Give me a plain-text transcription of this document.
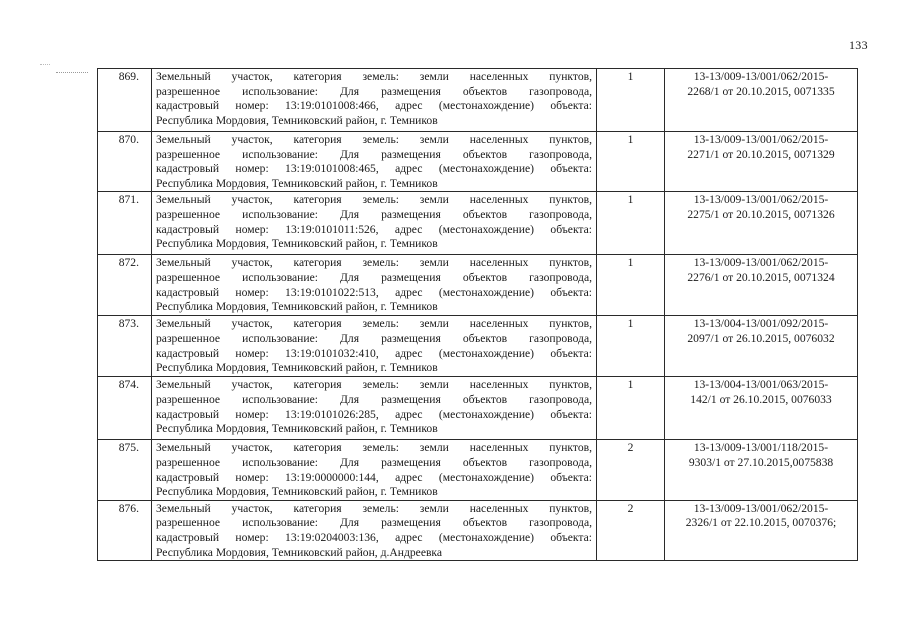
133
869.	Земельный участок, категория земель: земли населенных пунктов,
разрешенное использование: Для размещения объектов газопровода,
кадастровый номер: 13:19:0101008:466, адрес (местонахождение) объекта:
Республика Мордовия, Темниковский район, г. Темников	1	13-13/009-13/001/062/2015-
2268/1 от 20.10.2015, 0071335

870.	Земельный участок, категория земель: земли населенных пунктов,
разрешенное использование: Для размещения объектов газопровода,
кадастровый номер: 13:19:0101008:465, адрес (местонахождение) объекта:
Республика Мордовия, Темниковский район, г. Темников	1	13-13/009-13/001/062/2015-
2271/1 от 20.10.2015, 0071329

871.	Земельный участок, категория земель: земли населенных пунктов,
разрешенное использование: Для размещения объектов газопровода,
кадастровый номер: 13:19:0101011:526, адрес (местонахождение) объекта:
Республика Мордовия, Темниковский район, г. Темников	1	13-13/009-13/001/062/2015-
2275/1 от 20.10.2015, 0071326

872.	Земельный участок, категория земель: земли населенных пунктов,
разрешенное использование: Для размещения объектов газопровода,
кадастровый номер: 13:19:0101022:513, адрес (местонахождение) объекта:
Республика Мордовия, Темниковский район, г. Темников	1	13-13/009-13/001/062/2015-
2276/1 от 20.10.2015, 0071324

873.	Земельный участок, категория земель: земли населенных пунктов,
разрешенное использование: Для размещения объектов газопровода,
кадастровый номер: 13:19:0101032:410, адрес (местонахождение) объекта:
Республика Мордовия, Темниковский район, г. Темников	1	13-13/004-13/001/092/2015-
2097/1 от 26.10.2015, 0076032

874.	Земельный участок, категория земель: земли населенных пунктов,
разрешенное использование: Для размещения объектов газопровода,
кадастровый номер: 13:19:0101026:285, адрес (местонахождение) объекта:
Республика Мордовия, Темниковский район, г. Темников	1	13-13/004-13/001/063/2015-
142/1 от 26.10.2015, 0076033

875.	Земельный участок, категория земель: земли населенных пунктов,
разрешенное использование: Для размещения объектов газопровода,
кадастровый номер: 13:19:0000000:144, адрес (местонахождение) объекта:
Республика Мордовия, Темниковский район, г. Темников	2	13-13/009-13/001/118/2015-
9303/1 от 27.10.2015,0075838

876.	Земельный участок, категория земель: земли населенных пунктов,
разрешенное использование: Для размещения объектов газопровода,
кадастровый номер: 13:19:0204003:136, адрес (местонахождение) объекта:
Республика Мордовия, Темниковский район, д.Андреевка	2	13-13/009-13/001/062/2015-
2326/1 от 22.10.2015, 0070376;
